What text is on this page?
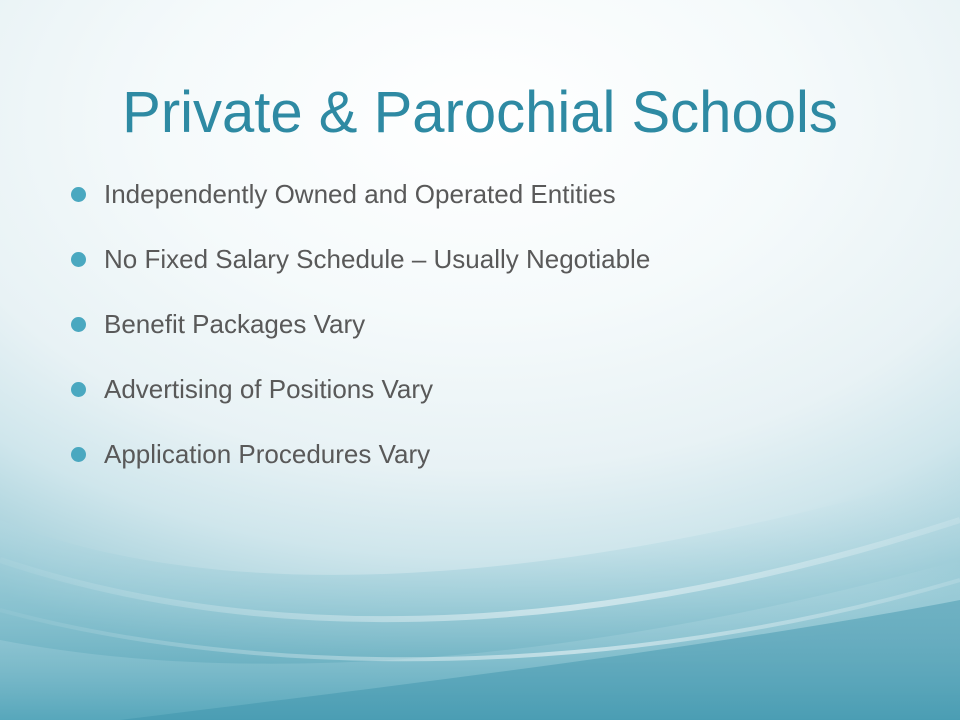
Private & Parochial Schools
Independently Owned and Operated Entities
No Fixed Salary Schedule – Usually Negotiable
Benefit Packages Vary
Advertising of Positions Vary
Application Procedures Vary
